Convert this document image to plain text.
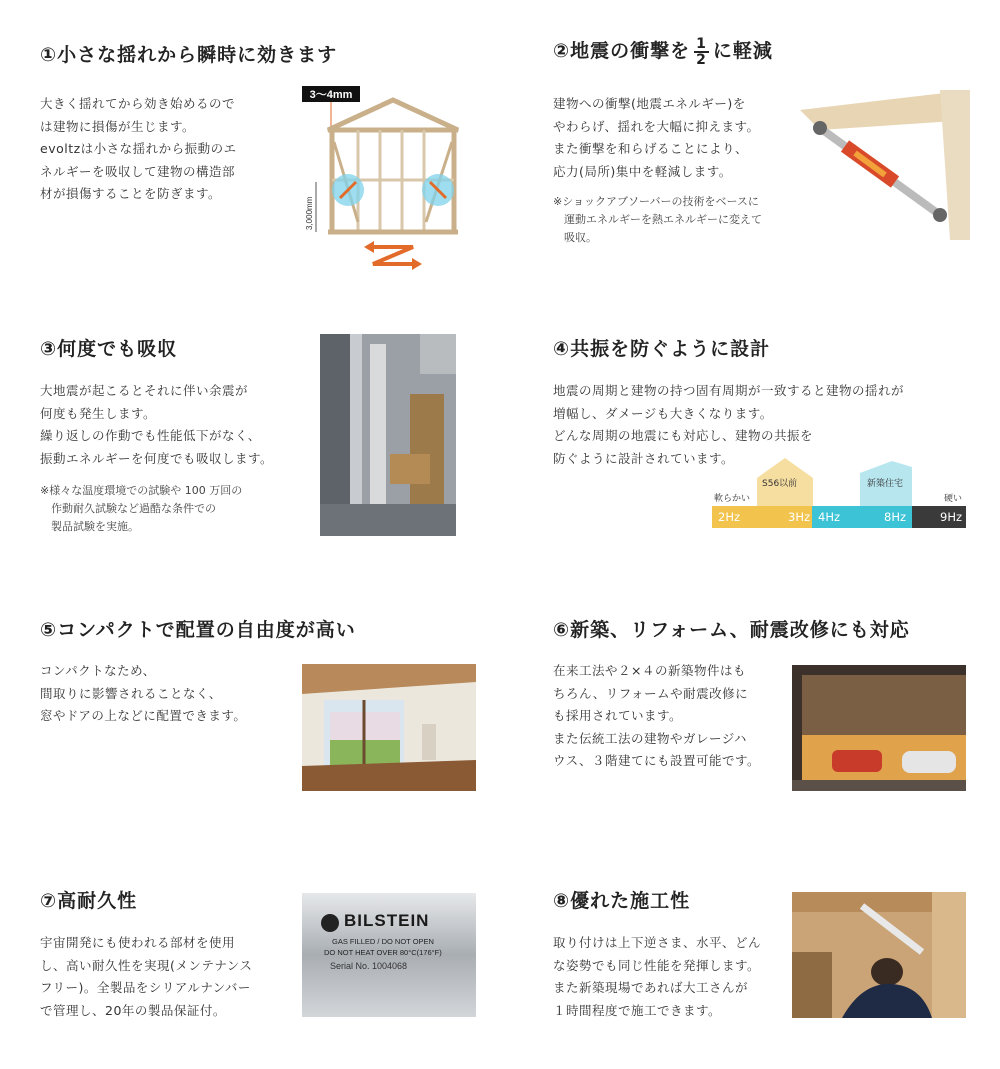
①小さな揺れから瞬時に効きます
大きく揺れてから効き始めるので
は建物に損傷が生じます。
evoltzは小さな揺れから振動のエ
ネルギーを吸収して建物の構造部
材が損傷することを防ぎます。
3〜4mm
3,000mm
②地震の衝撃を $\frac{1}{2}$ に軽減
建物への衝撃(地震エネルギー)を
やわらげ、揺れを大幅に抑えます。
また衝撃を和らげることにより、
応力(局所)集中を軽減します。
※ショックアブソーバーの技術をベースに
　運動エネルギーを熱エネルギーに変えて
　吸収。
③何度でも吸収
大地震が起こるとそれに伴い余震が
何度も発生します。
繰り返しの作動でも性能低下がなく、
振動エネルギーを何度でも吸収します。
※様々な温度環境での試験や 100 万回の
　作動耐久試験など過酷な条件での
　製品試験を実施。
④共振を防ぐように設計
地震の周期と建物の持つ固有周期が一致すると建物の揺れが
増幅し、ダメージも大きくなります。
どんな周期の地震にも対応し、建物の共振を
防ぐように設計されています。
S56以前	新築住宅
軟らかい	硬い
2Hz	3Hz 4Hz	8Hz	9Hz
⑤コンパクトで配置の自由度が高い
コンパクトなため、
間取りに影響されることなく、
窓やドアの上などに配置できます。
⑥新築、リフォーム、耐震改修にも対応
在来工法や２×４の新築物件はも
ちろん、リフォームや耐震改修に
も採用されています。
また伝統工法の建物やガレージハ
ウス、３階建てにも設置可能です。
⑦高耐久性
宇宙開発にも使われる部材を使用
し、高い耐久性を実現(メンテナンス
フリー)。全製品をシリアルナンバー
で管理し、20年の製品保証付。
BILSTEIN
GAS FILLED / DO NOT OPEN
DO NOT HEAT OVER 80°C(176°F)
Serial No. 1004068
⑧優れた施工性
取り付けは上下逆さま、水平、どん
な姿勢でも同じ性能を発揮します。
また新築現場であれば大工さんが
１時間程度で施工できます。
